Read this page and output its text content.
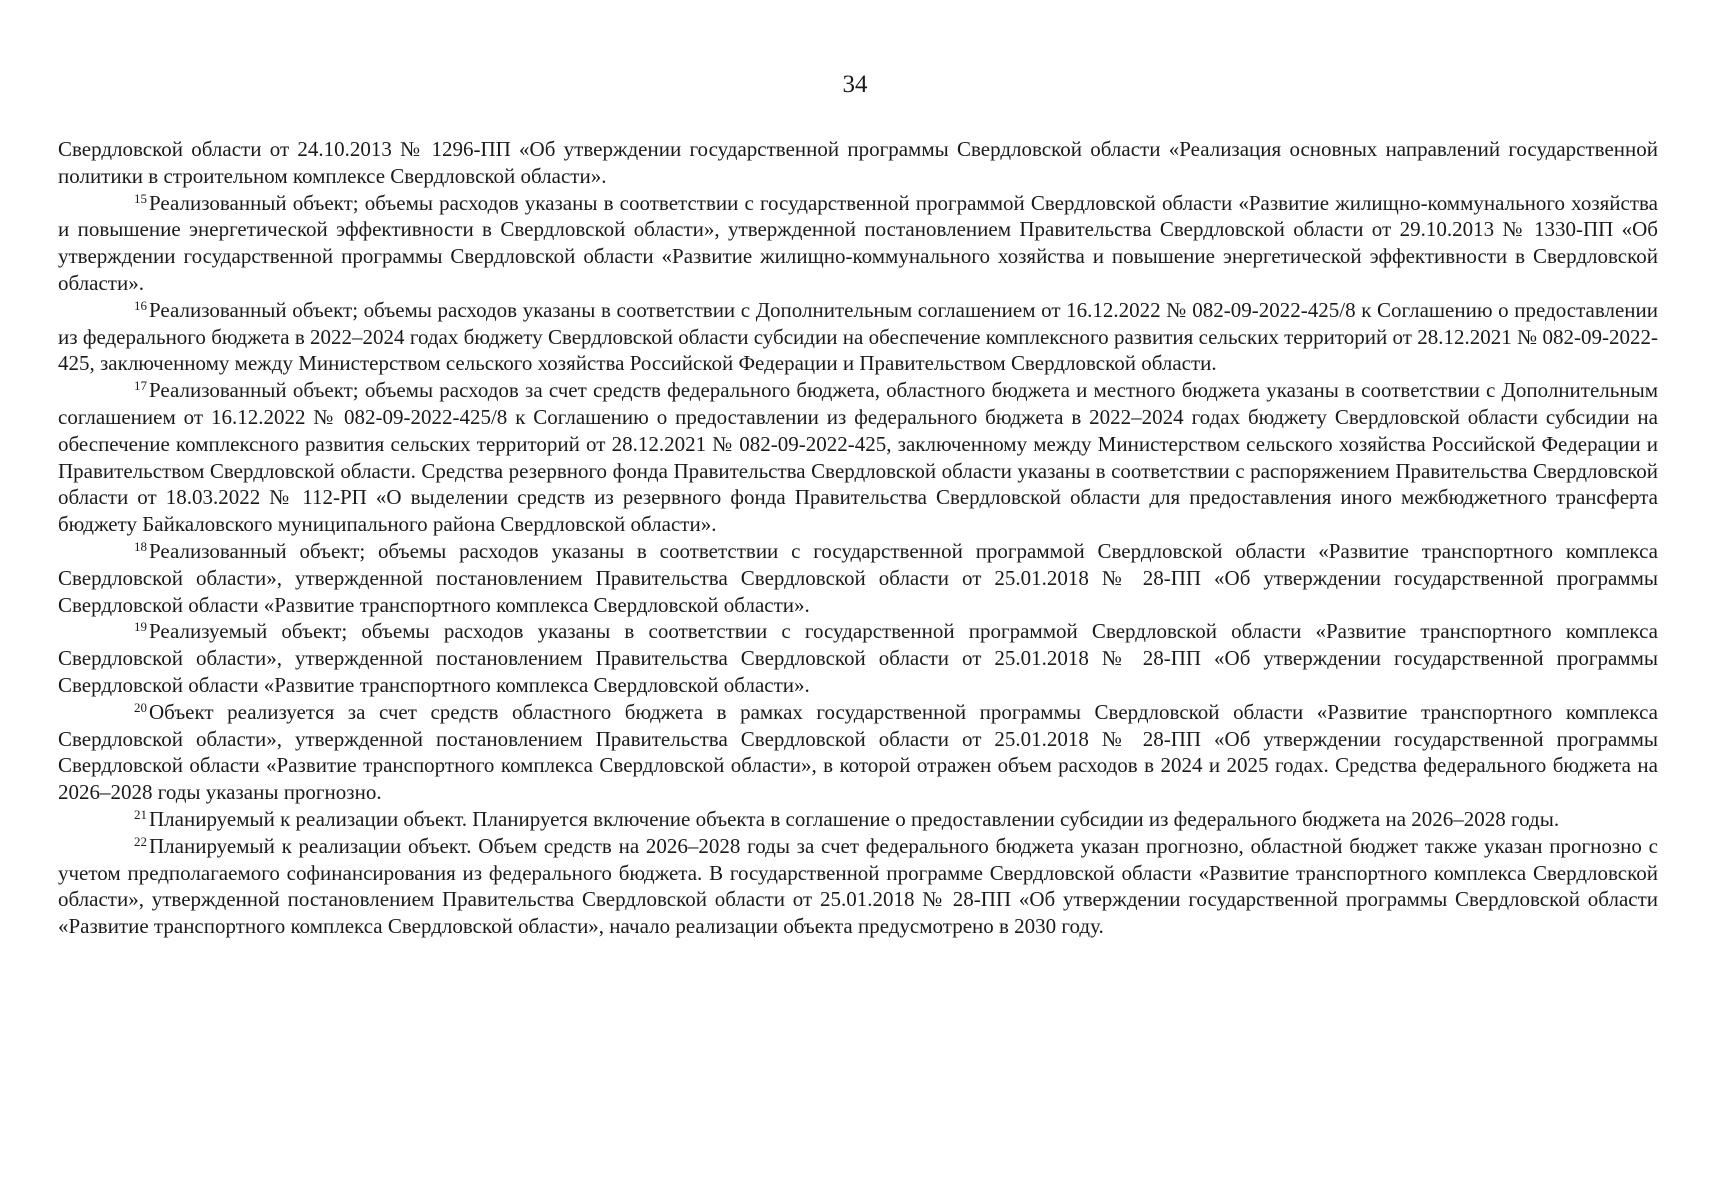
34

Свердловской области от 24.10.2013 № 1296-ПП «Об утверждении государственной программы Свердловской области «Реализация основных направлений государственной политики в строительном комплексе Свердловской области».

$^{15}$Реализованный объект; объемы расходов указаны в соответствии с государственной программой Свердловской области «Развитие жилищно-коммунального хозяйства и повышение энергетической эффективности в Свердловской области», утвержденной постановлением Правительства Свердловской области от 29.10.2013 № 1330-ПП «Об утверждении государственной программы Свердловской области «Развитие жилищно-коммунального хозяйства и повышение энергетической эффективности в Свердловской области».

$^{16}$Реализованный объект; объемы расходов указаны в соответствии с Дополнительным соглашением от 16.12.2022 № 082-09-2022-425/8 к Соглашению о предоставлении из федерального бюджета в 2022–2024 годах бюджету Свердловской области субсидии на обеспечение комплексного развития сельских территорий от 28.12.2021 № 082-09-2022-425, заключенному между Министерством сельского хозяйства Российской Федерации и Правительством Свердловской области.

$^{17}$Реализованный объект; объемы расходов за счет средств федерального бюджета, областного бюджета и местного бюджета указаны в соответствии с Дополнительным соглашением от 16.12.2022 № 082-09-2022-425/8 к Соглашению о предоставлении из федерального бюджета в 2022–2024 годах бюджету Свердловской области субсидии на обеспечение комплексного развития сельских территорий от 28.12.2021 № 082-09-2022-425, заключенному между Министерством сельского хозяйства Российской Федерации и Правительством Свердловской области. Средства резервного фонда Правительства Свердловской области указаны в соответствии с распоряжением Правительства Свердловской области от 18.03.2022 № 112-РП «О выделении средств из резервного фонда Правительства Свердловской области для предоставления иного межбюджетного трансферта бюджету Байкаловского муниципального района Свердловской области».

$^{18}$Реализованный объект; объемы расходов указаны в соответствии с государственной программой Свердловской области «Развитие транспортного комплекса Свердловской области», утвержденной постановлением Правительства Свердловской области от 25.01.2018 № 28-ПП «Об утверждении государственной программы Свердловской области «Развитие транспортного комплекса Свердловской области».

$^{19}$Реализуемый объект; объемы расходов указаны в соответствии с государственной программой Свердловской области «Развитие транспортного комплекса Свердловской области», утвержденной постановлением Правительства Свердловской области от 25.01.2018 № 28-ПП «Об утверждении государственной программы Свердловской области «Развитие транспортного комплекса Свердловской области».

$^{20}$Объект реализуется за счет средств областного бюджета в рамках государственной программы Свердловской области «Развитие транспортного комплекса Свердловской области», утвержденной постановлением Правительства Свердловской области от 25.01.2018 № 28-ПП «Об утверждении государственной программы Свердловской области «Развитие транспортного комплекса Свердловской области», в которой отражен объем расходов в 2024 и 2025 годах. Средства федерального бюджета на 2026–2028 годы указаны прогнозно.

$^{21}$Планируемый к реализации объект. Планируется включение объекта в соглашение о предоставлении субсидии из федерального бюджета на 2026–2028 годы.

$^{22}$Планируемый к реализации объект. Объем средств на 2026–2028 годы за счет федерального бюджета указан прогнозно, областной бюджет также указан прогнозно с учетом предполагаемого софинансирования из федерального бюджета. В государственной программе Свердловской области «Развитие транспортного комплекса Свердловской области», утвержденной постановлением Правительства Свердловской области от 25.01.2018 № 28-ПП «Об утверждении государственной программы Свердловской области «Развитие транспортного комплекса Свердловской области», начало реализации объекта предусмотрено в 2030 году.
